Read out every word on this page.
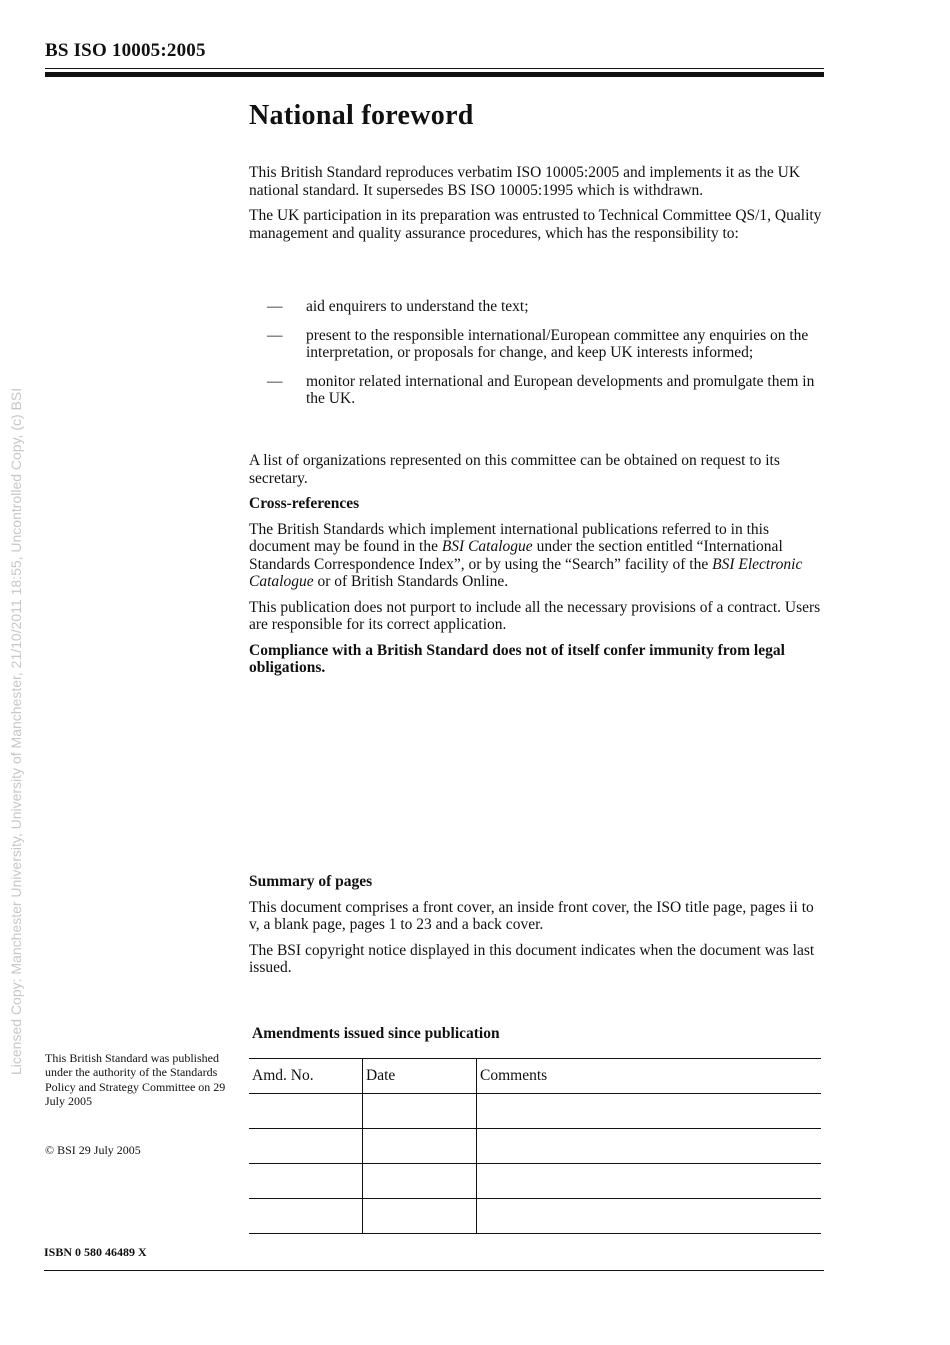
BS ISO 10005:2005
National foreword

This British Standard reproduces verbatim ISO 10005:2005 and implements it as the UK national standard. It supersedes BS ISO 10005:1995 which is withdrawn.

The UK participation in its preparation was entrusted to Technical Committee QS/1, Quality management and quality assurance procedures, which has the responsibility to:

— aid enquirers to understand the text;
— present to the responsible international/European committee any enquiries on the interpretation, or proposals for change, and keep UK interests informed;
— monitor related international and European developments and promulgate them in the UK.

A list of organizations represented on this committee can be obtained on request to its secretary.

Cross-references

The British Standards which implement international publications referred to in this document may be found in the BSI Catalogue under the section entitled “International Standards Correspondence Index”, or by using the “Search” facility of the BSI Electronic Catalogue or of British Standards Online.

This publication does not purport to include all the necessary provisions of a contract. Users are responsible for its correct application.

Compliance with a British Standard does not of itself confer immunity from legal obligations.

Summary of pages

This document comprises a front cover, an inside front cover, the ISO title page, pages ii to v, a blank page, pages 1 to 23 and a back cover.

The BSI copyright notice displayed in this document indicates when the document was last issued.

Licensed Copy: Manchester University, University of Manchester, 21/10/2011 18:55, Uncontrolled Copy, (c) BSI This British Standard was published under the authority of the Standards Policy and Strategy Committee on 29 July 2005
© BSI 29 July 2005
Amendments issued since publication
Amd. No.	Date	Comments

ISBN 0 580 46489 X
